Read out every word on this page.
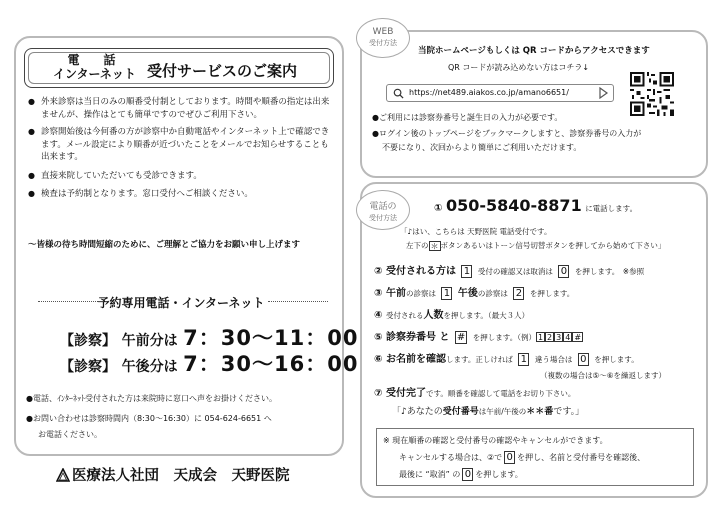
電　話
インターネット 受付サービスのご案内
● 外来診察は当日のみの順番受付制としております。時間や順番の指定は出来ませんが、操作はとても簡単ですのでぜひご利用下さい。
● 診察開始後は今何番の方が診察中か自動電話やインターネット上で確認できます。メール設定により順番が近づいたことをメールでお知らせすることも出来ます。
● 直接来院していただいても受診できます。
● 検査は予約制となります。窓口受付へご相談ください。
～皆様の待ち時間短縮のために、ご理解とご協力をお願い申し上げます
予約専用電話・インターネット
【診察】 午前分は 7：30～11：00
【診察】 午後分は 7：30～16：00
●電話、ｲﾝﾀｰﾈｯﾄ受付された方は来院時に窓口へ声をお掛けください。
●お問い合わせは診察時間内（8:30～16:30）に 054-624-6651 へ
お電話ください。
医療法人社団　天成会　天野医院
WEB
受付方法
当院ホームページもしくは QR コードからアクセスできます
QR コードが読み込めない方はコチラ↓
https://net489.aiakos.co.jp/amano6651/
●ご利用には診察券番号と誕生日の入力が必要です。
●ログイン後のトップページをブックマークしますと、診察券番号の入力が
不要になり、次回からより簡単にご利用いただけます。
電話の
受付方法
① 050-5840-8871 に電話します。
「♪はい、こちらは 天野医院 電話受付です。
左下の ＊ ボタンあるいはトーン信号切替ボタンを押してから始めて下さい」
② 受付される方は 1 受付の確認又は取消は 0 を押します。 ※参照
③ 午前の診察は 1 午後の診察は 2 を押します。
④ 受付される人数を押します。（最大３人）
⑤ 診察券番号 と # を押します。（例） 1 2 3 4 #
⑥ お名前を確認します。正しければ 1 違う場合は 0 を押します。
（複数の場合は⑤～⑥を繰返します）
⑦ 受付完了です。順番を確認して電話をお切り下さい。
「♪あなたの受付番号は午前/午後の＊＊番です。」
※ 現在順番の確認と受付番号の確認やキャンセルができます。
キャンセルする場合は、②で 0 を押し、名前と受付番号を確認後、
最後に “取消” の 0 を押します。
